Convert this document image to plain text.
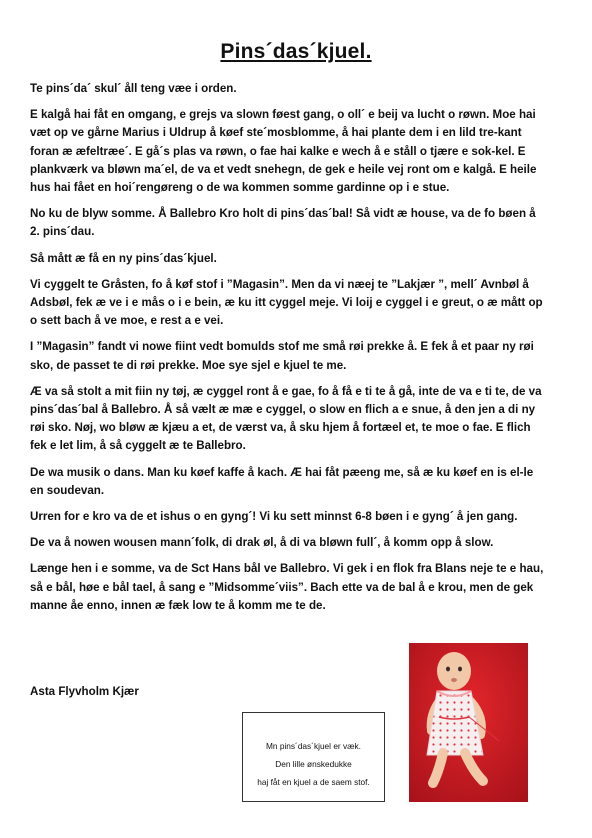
Pins´das´kjuel.

Te pins´da´ skul´ åll teng væe i orden.

E kalgå hai fåt en omgang, e grejs va slown føest gang, o oll´ e beij va lucht o røwn. Moe hai væt op ve gårne Marius i Uldrup å køef ste´mosblomme, å hai plante dem i en lild tre-kant foran æ æfeltræe´. E gå´s plas va røwn, o fae hai kalke e wech å e ståll o tjære e sok-kel. E plankværk va bløwn ma´el, de va et vedt snehegn, de gek e heile vej ront om e kalgå. E heile hus hai fået en hoi´rengøreng o de wa kommen somme gardinne op i e stue.

No ku de blyw somme. Å Ballebro Kro holt di pins´das´bal! Så vidt æ house, va de fo bøen å 2. pins´dau.

Så mått æ få en ny pins´das´kjuel.

Vi cyggelt te Gråsten, fo å køf stof i ”Magasin”. Men da vi næej te ”Lakjær ”, mell´ Avnbøl å Adsbøl, fek æ ve i e mås o i e bein, æ ku itt cyggel meje. Vi loij e cyggel i e greut, o æ mått op o sett bach å ve moe, e rest a e vei.

I ”Magasin” fandt vi nowe fiint vedt bomulds stof me små røi prekke å. E fek å et paar ny røi sko, de passet te di røi prekke. Moe sye sjel e kjuel te me.

Æ va så stolt a mit fiin ny tøj, æ cyggel ront å e gae, fo å få e ti te å gå, inte de va e ti te, de va pins´das´bal å Ballebro. Å så vælt æ mæ e cyggel, o slow en flich a e snue, å den jen a di ny røi sko. Nøj, wo bløw æ kjæu a et, de værst va, å sku hjem å fortæel et, te moe o fae. E flich fek e let lim, å så cyggelt æ te Ballebro.

De wa musik o dans. Man ku køef kaffe å kach. Æ hai fåt pæeng me, så æ ku køef en is el-le en soudevan.

Urren for e kro va de et ishus o en gyng´! Vi ku sett minnst 6-8 bøen i e gyng´ å jen gang.

De va å nowen wousen mann´folk, di drak øl, å di va bløwn full´, å komm opp å slow.

Længe hen i e somme, va de Sct Hans bål ve Ballebro. Vi gek i en flok fra Blans neje te e hau, så e bål, høe e bål tael, å sang e ”Midsomme´viis”. Bach ette va de bal å e krou, men de gek manne åe enno, innen æ fæk low te å komm me te de.

Asta Flyvholm Kjær
Mn pins´das´kjuel er væk.
Den lille ønskedukke
haj fåt en kjuel a de saem stof.
